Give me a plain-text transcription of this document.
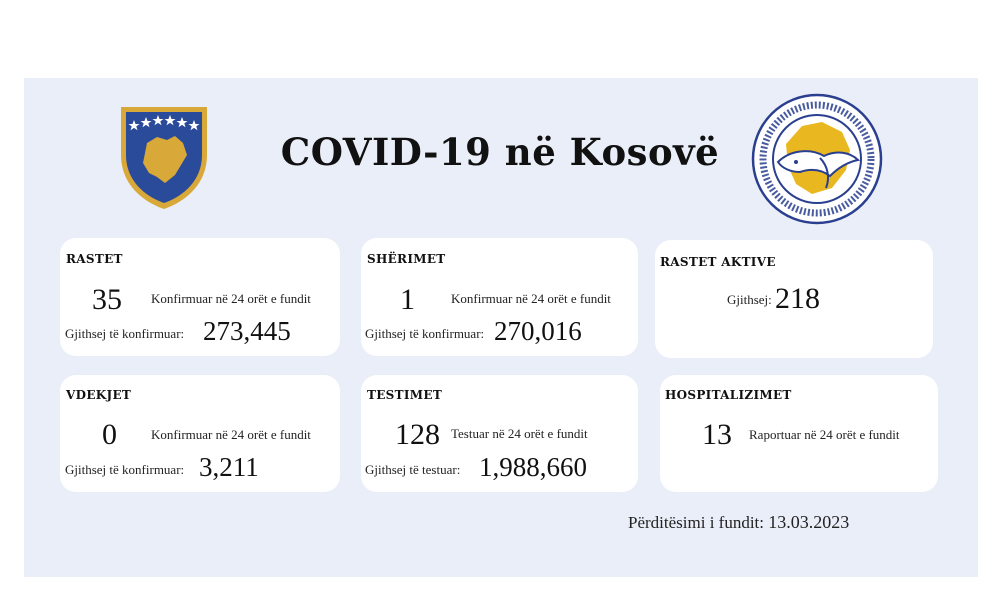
COVID-19 në Kosovë
RASTET
35 Konfirmuar në 24 orët e fundit
Gjithsej të konfirmuar: 273,445
SHËRIMET
1	Konfirmuar në 24 orët e fundit
Gjithsej të konfirmuar: 270,016
RASTET AKTIVE
Gjithsej: 218
VDEKJET
0	Konfirmuar në 24 orët e fundit
Gjithsej të konfirmuar: 3,211
TESTIMET
128 Testuar në 24 orët e fundit
Gjithsej të testuar: 1,988,660
HOSPITALIZIMET
13 Raportuar në 24 orët e fundit
Përditësimi i fundit: 13.03.2023
